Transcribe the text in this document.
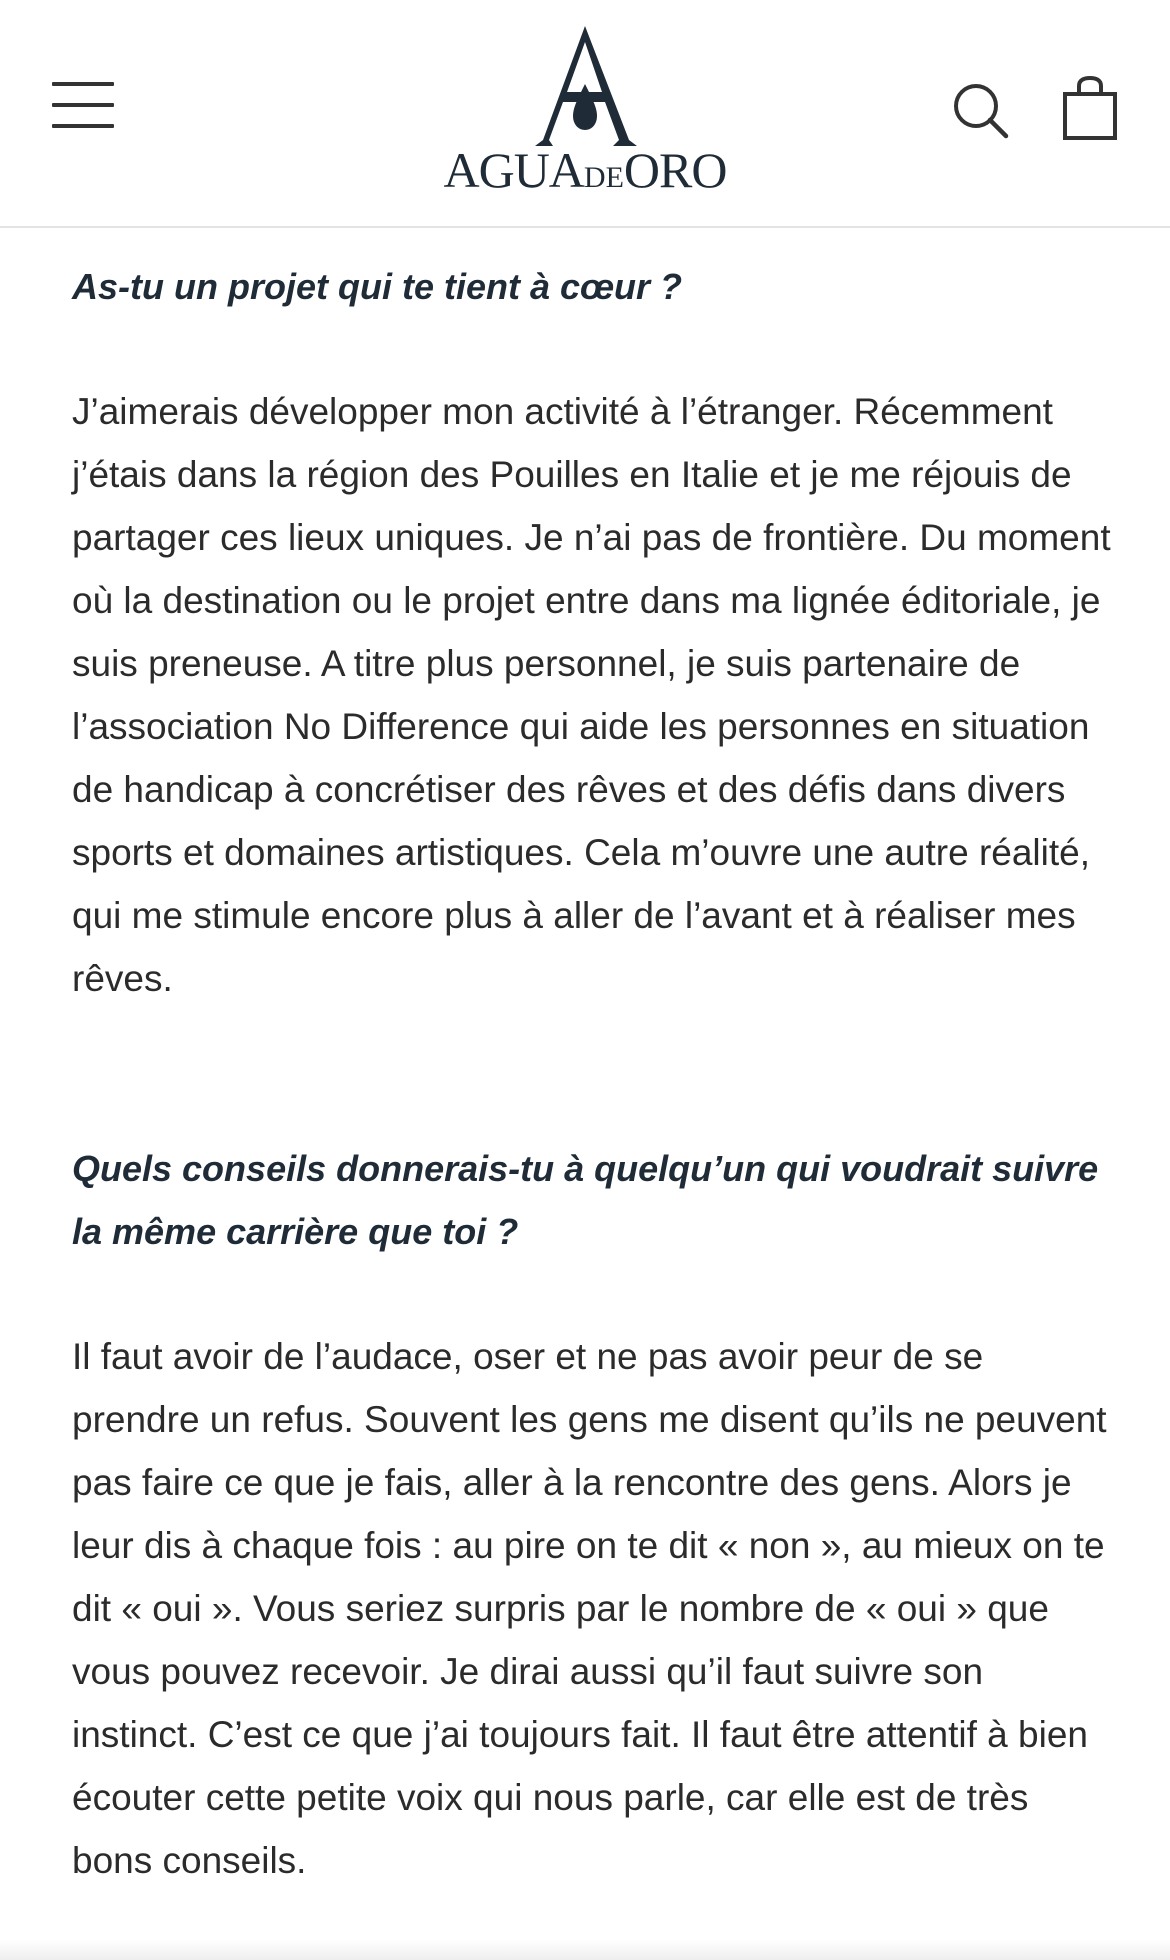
AGUADEORO

As-tu un projet qui te tient à cœur ?

J’aimerais développer mon activité à l’étranger. Récemment j’étais dans la région des Pouilles en Italie et je me réjouis de partager ces lieux uniques. Je n’ai pas de frontière. Du moment où la destination ou le projet entre dans ma lignée éditoriale, je suis preneuse. A titre plus personnel, je suis partenaire de l’association No Difference qui aide les personnes en situation de handicap à concrétiser des rêves et des défis dans divers sports et domaines artistiques. Cela m’ouvre une autre réalité, qui me stimule encore plus à aller de l’avant et à réaliser mes rêves.

Quels conseils donnerais-tu à quelqu’un qui voudrait suivre la même carrière que toi ?

Il faut avoir de l’audace, oser et ne pas avoir peur de se prendre un refus. Souvent les gens me disent qu’ils ne peuvent pas faire ce que je fais, aller à la rencontre des gens. Alors je leur dis à chaque fois : au pire on te dit « non », au mieux on te dit « oui ». Vous seriez surpris par le nombre de « oui » que vous pouvez recevoir. Je dirai aussi qu’il faut suivre son instinct. C’est ce que j’ai toujours fait. Il faut être attentif à bien écouter cette petite voix qui nous parle, car elle est de très bons conseils.
